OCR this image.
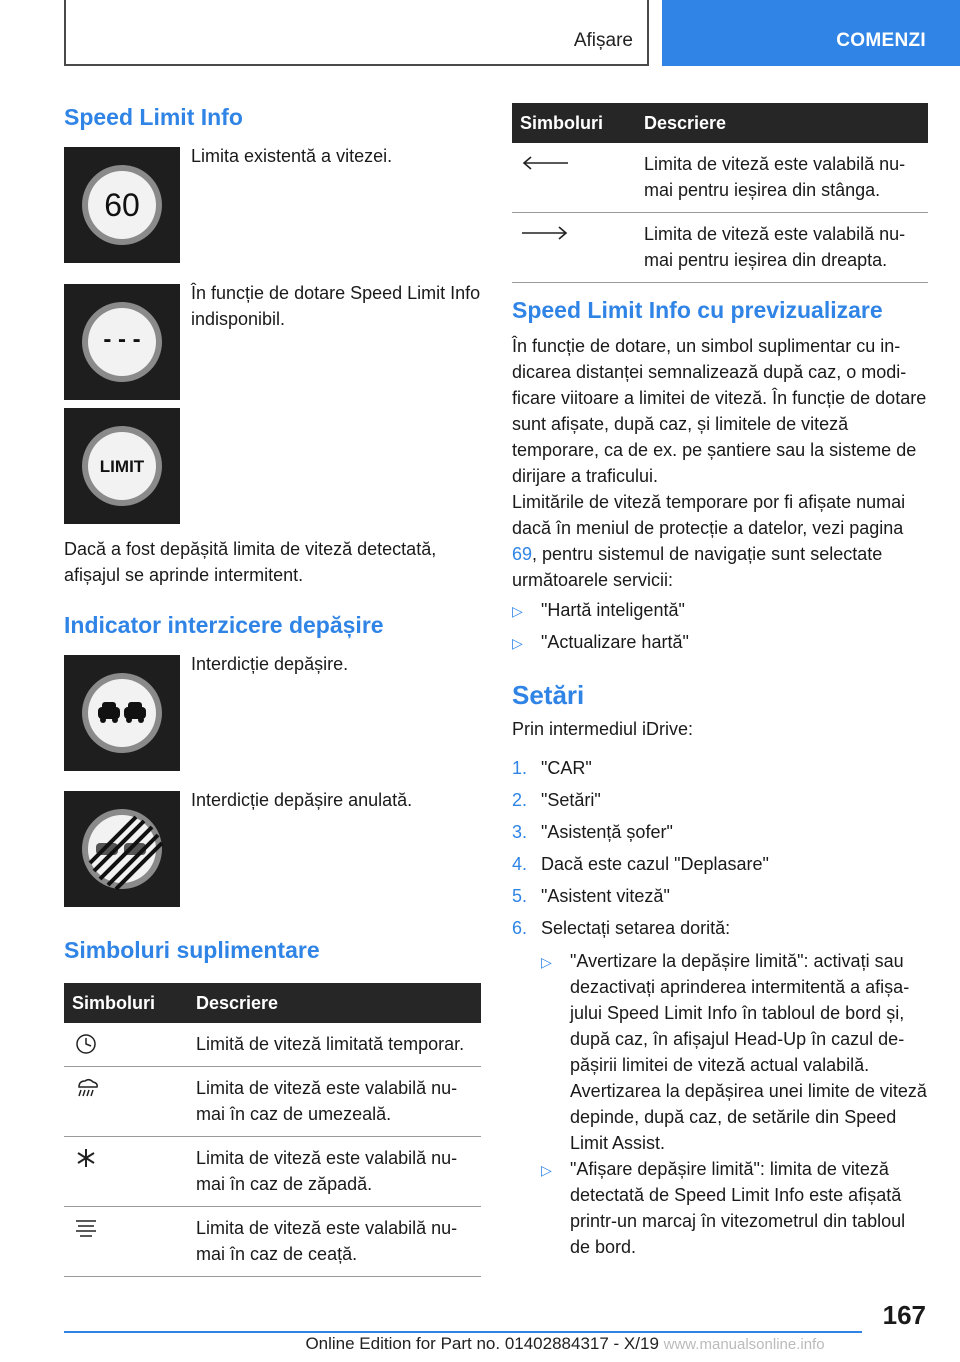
Afișare	COMENZI
Speed Limit Info
60
Limita existentă a vitezei.
- - -
În funcție de dotare Speed Limit Info indisponibil.
LIMIT
Dacă a fost depășită limita de viteză detectată, afișajul se aprinde intermitent.
Indicator interzicere depășire
Interdicție depășire.
Interdicție depășire anulată.
Simboluri suplimentare
Simboluri	Descriere

	Limită de viteză limitată temporar.

	Limita de viteză este valabilă numai în caz de umezeală.

	Limita de viteză este valabilă numai în caz de zăpadă.

	Limita de viteză este valabilă numai în caz de ceață.
Simboluri	Descriere

	Limita de viteză este valabilă numai pentru ieșirea din stânga.

	Limita de viteză este valabilă numai pentru ieșirea din dreapta.
Speed Limit Info cu previzualizare
În funcție de dotare, un simbol suplimentar cu indicarea distanței semnalizează după caz, o modificare viitoare a limitei de viteză. În funcție de dotare sunt afișate, după caz, și limitele de viteză temporare, ca de ex. pe șantiere sau la sisteme de dirijare a traficului.
Limitările de viteză temporare por fi afișate numai dacă în meniul de protecție a datelor, vezi pagina 69, pentru sistemul de navigație sunt selectate următoarele servicii:
▷ "Hartă inteligentă"
▷ "Actualizare hartă"
Setări
Prin intermediul iDrive:
1. "CAR"
2. "Setări"
3. "Asistență șofer"
4. Dacă este cazul "Deplasare"
5. "Asistent viteză"
6. Selectați setarea dorită:
▷ "Avertizare la depășire limită": activați sau dezactivați aprinderea intermitentă a afișajului Speed Limit Info în tabloul de bord și, după caz, în afișajul Head-Up în cazul depășirii limitei de viteză actual valabilă. Avertizarea la depășirea unei limite de viteză depinde, după caz, de setările din Speed Limit Assist.
▷ "Afișare depășire limită": limita de viteză detectată de Speed Limit Info este afișată printr-un marcaj în vitezometrul din tabloul de bord.
167
Online Edition for Part no. 01402884317 - X/19 www.manualsonline.info
